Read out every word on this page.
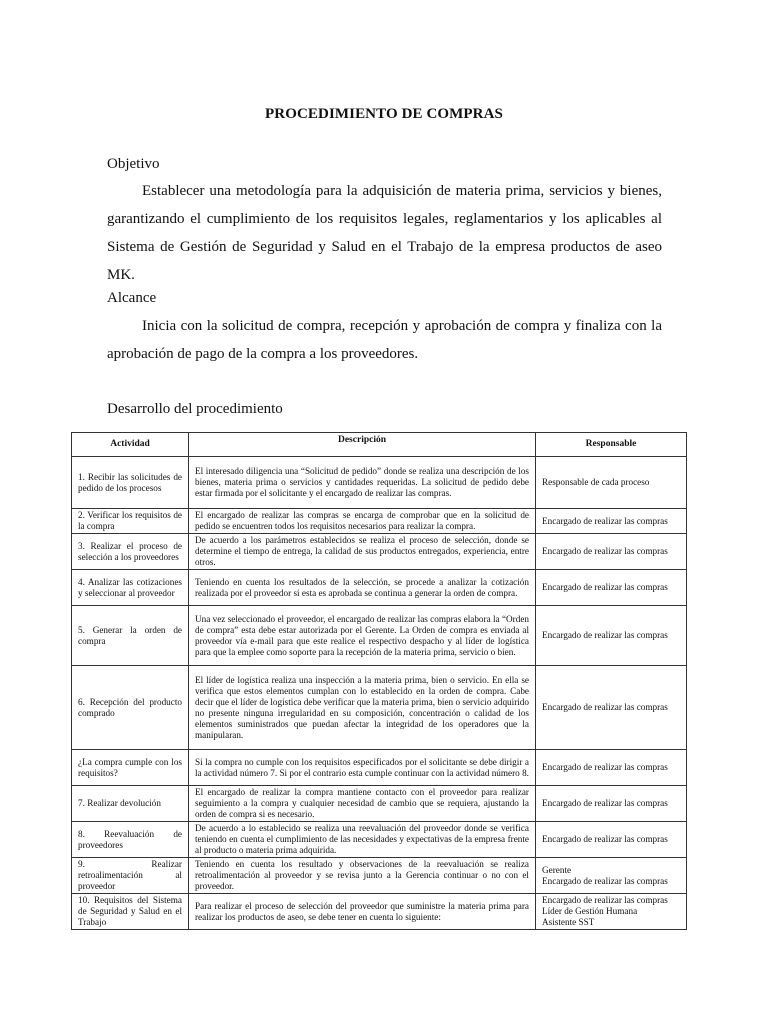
PROCEDIMIENTO DE COMPRAS
Objetivo
Establecer una metodología para la adquisición de materia prima, servicios y bienes, garantizando el cumplimiento de los requisitos legales, reglamentarios y los aplicables al Sistema de Gestión de Seguridad y Salud en el Trabajo de la empresa productos de aseo MK.
Alcance
Inicia con la solicitud de compra, recepción y aprobación de compra y finaliza con la aprobación de pago de la compra a los proveedores.
Desarrollo del procedimiento
Actividad	Descripción	Responsable
1. Recibir las solicitudes de pedido de los procesos	El interesado diligencia una “Solicitud de pedido” donde se realiza una descripción de los bienes, materia prima o servicios y cantidades requeridas. La solicitud de pedido debe estar firmada por el solicitante y el encargado de realizar las compras.	Responsable de cada proceso
2. Verificar los requisitos de la compra	El encargado de realizar las compras se encarga de comprobar que en la solicitud de pedido se encuentren todos los requisitos necesarios para realizar la compra.	Encargado de realizar las compras
3. Realizar el proceso de selección a los proveedores	De acuerdo a los parámetros establecidos se realiza el proceso de selección, donde se determine el tiempo de entrega, la calidad de sus productos entregados, experiencia, entre otros.	Encargado de realizar las compras
4. Analizar las cotizaciones y seleccionar al proveedor	Teniendo en cuenta los resultados de la selección, se procede a analizar la cotización realizada por el proveedor si esta es aprobada se continua a generar la orden de compra.	Encargado de realizar las compras
5. Generar la orden de compra	Una vez seleccionado el proveedor, el encargado de realizar las compras elabora la “Orden de compra” esta debe estar autorizada por el Gerente. La Orden de compra es enviada al proveedor vía e-mail para que este realice el respectivo despacho y al líder de logística para que la emplee como soporte para la recepción de la materia prima, servicio o bien.	Encargado de realizar las compras
6. Recepción del producto comprado	El líder de logística realiza una inspección a la materia prima, bien o servicio. En ella se verifica que estos elementos cumplan con lo establecido en la orden de compra. Cabe decir que el líder de logística debe verificar que la materia prima, bien o servicio adquirido no presente ninguna irregularidad en su composición, concentración o calidad de los elementos suministrados que puedan afectar la integridad de los operadores que la manipularan.	Encargado de realizar las compras
¿La compra cumple con los requisitos?	Si la compra no cumple con los requisitos especificados por el solicitante se debe dirigir a la actividad número 7. Si por el contrario esta cumple continuar con la actividad número 8.	Encargado de realizar las compras
7. Realizar devolución	El encargado de realizar la compra mantiene contacto con el proveedor para realizar seguimiento a la compra y cualquier necesidad de cambio que se requiera, ajustando la orden de compra si es necesario.	Encargado de realizar las compras
8. Reevaluación de proveedores	De acuerdo a lo establecido se realiza una reevaluación del proveedor donde se verifica teniendo en cuenta el cumplimiento de las necesidades y expectativas de la empresa frente al producto o materia prima adquirida.	Encargado de realizar las compras
9. Realizar retroalimentación al proveedor	Teniendo en cuenta los resultado y observaciones de la reevaluación se realiza retroalimentación al proveedor y se revisa junto a la Gerencia continuar o no con el proveedor.	Gerente
Encargado de realizar las compras
10. Requisitos del Sistema de Seguridad y Salud en el Trabajo	Para realizar el proceso de selección del proveedor que suministre la materia prima para realizar los productos de aseo, se debe tener en cuenta lo siguiente:	Encargado de realizar las compras
Líder de Gestión Humana
Asistente SST
